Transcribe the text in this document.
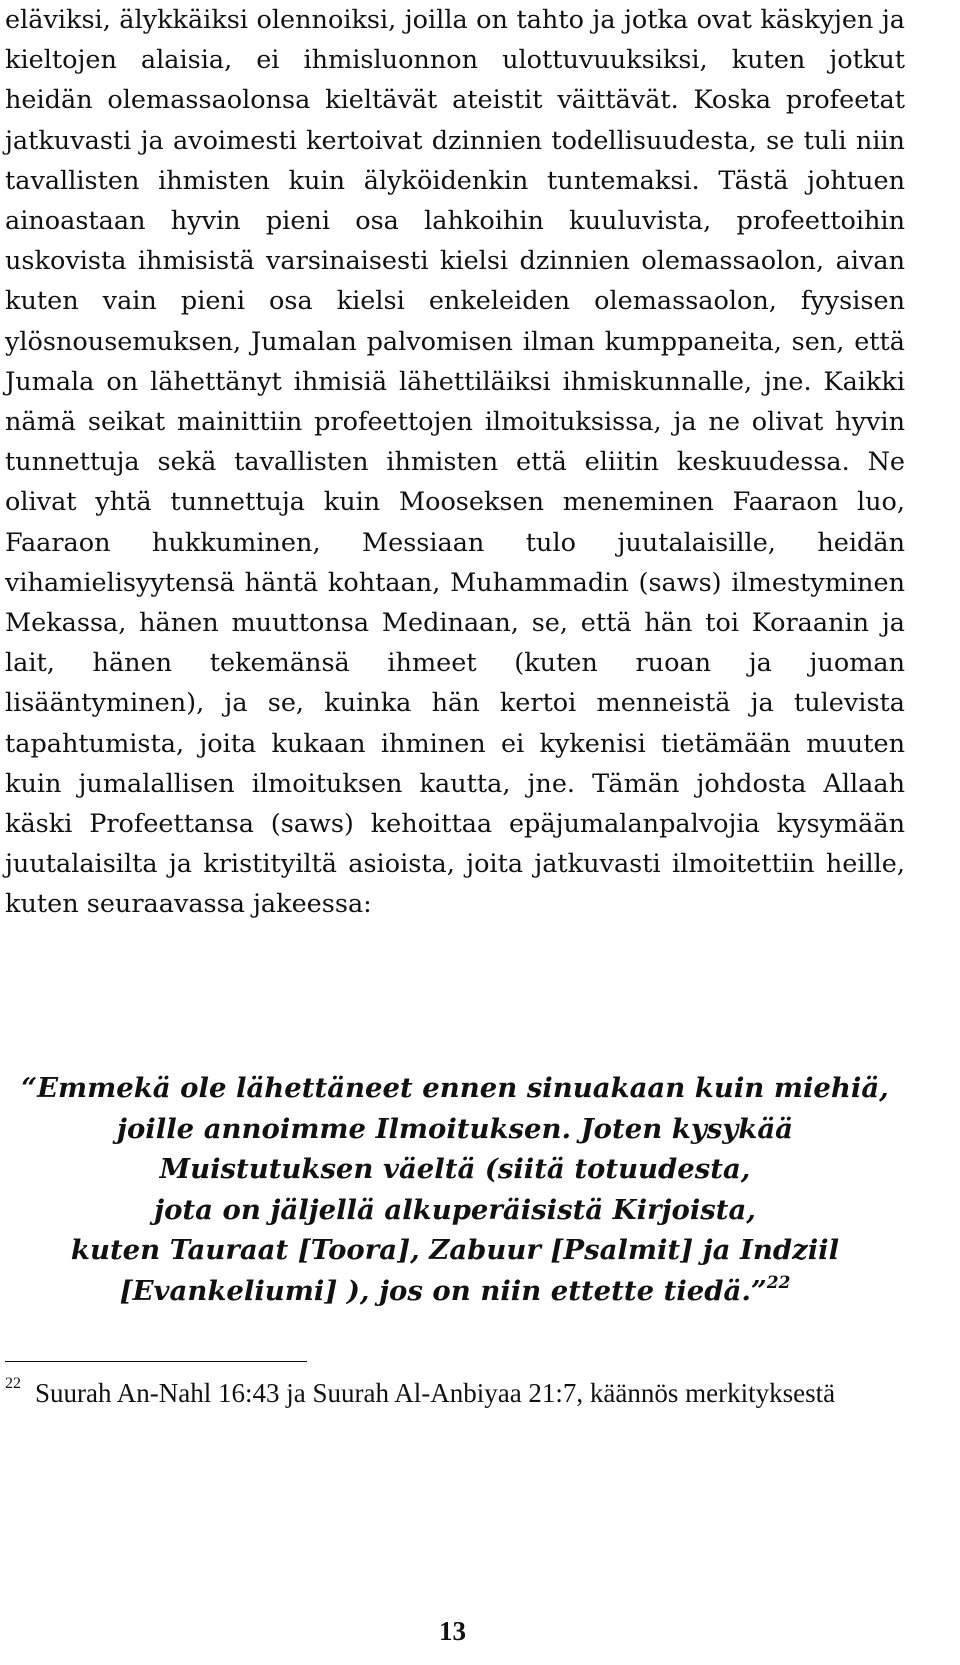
eläviksi, älykkäiksi olennoiksi, joilla on tahto ja jotka ovat käskyjen ja kieltojen alaisia, ei ihmisluonnon ulottuvuuksiksi, kuten jotkut heidän olemassaolonsa kieltävät ateistit väittävät. Koska profeetat jatkuvasti ja avoimesti kertoivat dzinnien todellisuudesta, se tuli niin tavallisten ihmisten kuin älyköidenkin tuntemaksi. Tästä johtuen ainoastaan hyvin pieni osa lahkoihin kuuluvista, profeettoihin uskovista ihmisistä varsinaisesti kielsi dzinnien olemassaolon, aivan kuten vain pieni osa kielsi enkeleiden olemassaolon, fyysisen ylösnousemuksen, Jumalan palvomisen ilman kumppaneita, sen, että Jumala on lähettänyt ihmisiä lähettiläiksi ihmiskunnalle, jne. Kaikki nämä seikat mainittiin profeettojen ilmoituksissa, ja ne olivat hyvin tunnettuja sekä tavallisten ihmisten että eliitin keskuudessa. Ne olivat yhtä tunnettuja kuin Mooseksen meneminen Faaraon luo, Faaraon hukkuminen, Messiaan tulo juutalaisille, heidän vihamielisyytensä häntä kohtaan, Muhammadin (saws) ilmestyminen Mekassa, hänen muuttonsa Medinaan, se, että hän toi Koraanin ja lait, hänen tekemänsä ihmeet (kuten ruoan ja juoman lisääntyminen), ja se, kuinka hän kertoi menneistä ja tulevista tapahtumista, joita kukaan ihminen ei kykenisi tietämään muuten kuin jumalallisen ilmoituksen kautta, jne. Tämän johdosta Allaah käski Profeettansa (saws) kehoittaa epäjumalanpalvojia kysymään juutalaisilta ja kristityiltä asioista, joita jatkuvasti ilmoitettiin heille, kuten seuraavassa jakeessa:

“Emmekä ole lähettäneet ennen sinuakaan kuin miehiä,
joille annoimme Ilmoituksen. Joten kysykää
Muistutuksen väeltä (siitä totuudesta,
jota on jäljellä alkuperäisistä Kirjoista,
kuten Tauraat [Toora], Zabuur [Psalmit] ja Indziil
[Evankeliumi] ), jos on niin ettette tiedä.”$^{22}$
$^{22}$ Suurah An-Nahl 16:43 ja Suurah Al-Anbiyaa 21:7, käännös merkityksestä
13
